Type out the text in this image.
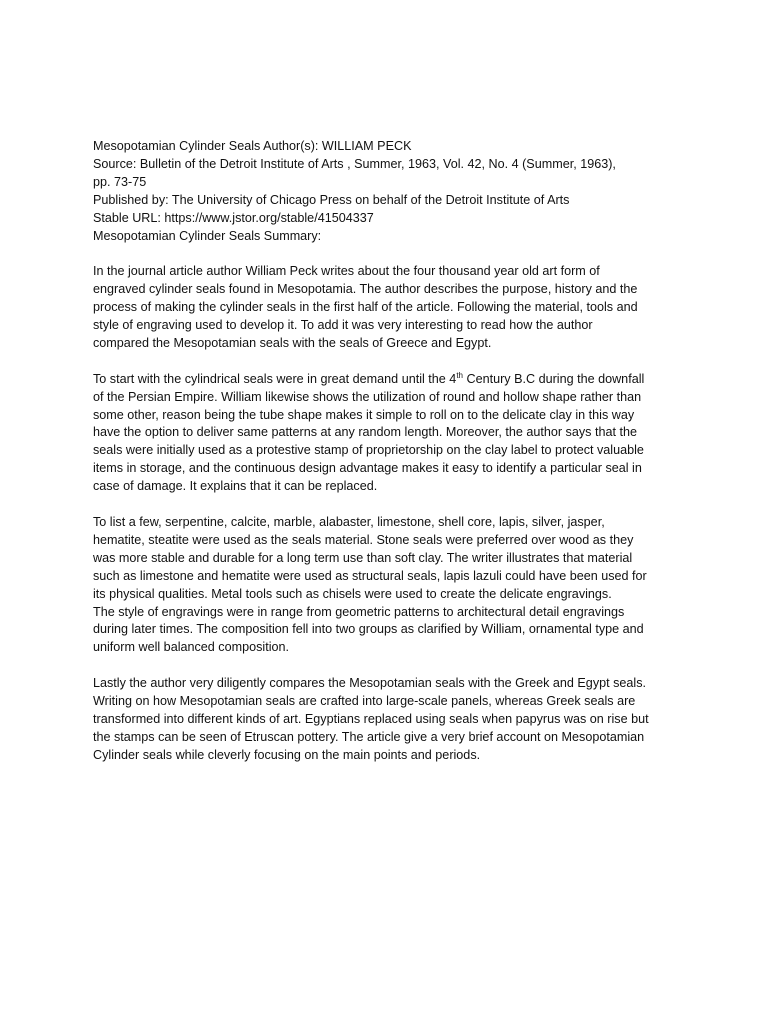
Mesopotamian Cylinder Seals Author(s): WILLIAM PECK
Source: Bulletin of the Detroit Institute of Arts , Summer, 1963, Vol. 42, No. 4 (Summer, 1963),
pp. 73-75
Published by: The University of Chicago Press on behalf of the Detroit Institute of Arts
Stable URL: https://www.jstor.org/stable/41504337
Mesopotamian Cylinder Seals Summary:
In the journal article author William Peck writes about the four thousand year old art form of
engraved cylinder seals found in Mesopotamia. The author describes the purpose, history and the
process of making the cylinder seals in the first half of the article. Following the material, tools and
style of engraving used to develop it. To add it was very interesting to read how the author
compared the Mesopotamian seals with the seals of Greece and Egypt.
To start with the cylindrical seals were in great demand until the 4th Century B.C during the downfall
of the Persian Empire. William likewise shows the utilization of round and hollow shape rather than
some other, reason being the tube shape makes it simple to roll on to the delicate clay in this way
have the option to deliver same patterns at any random length. Moreover, the author says that the
seals were initially used as a protestive stamp of proprietorship on the clay label to protect valuable
items in storage, and the continuous design advantage makes it easy to identify a particular seal in
case of damage. It explains that it can be replaced.
To list a few, serpentine, calcite, marble, alabaster, limestone, shell core, lapis, silver, jasper,
hematite, steatite were used as the seals material. Stone seals were preferred over wood as they
was more stable and durable for a long term use than soft clay. The writer illustrates that material
such as limestone and hematite were used as structural seals, lapis lazuli could have been used for
its physical qualities. Metal tools such as chisels were used to create the delicate engravings.
The style of engravings were in range from geometric patterns to architectural detail engravings
during later times. The composition fell into two groups as clarified by William, ornamental type and
uniform well balanced composition.
Lastly the author very diligently compares the Mesopotamian seals with the Greek and Egypt seals.
Writing on how Mesopotamian seals are crafted into large-scale panels, whereas Greek seals are
transformed into different kinds of art. Egyptians replaced using seals when papyrus was on rise but
the stamps can be seen of Etruscan pottery. The article give a very brief account on Mesopotamian
Cylinder seals while cleverly focusing on the main points and periods.
